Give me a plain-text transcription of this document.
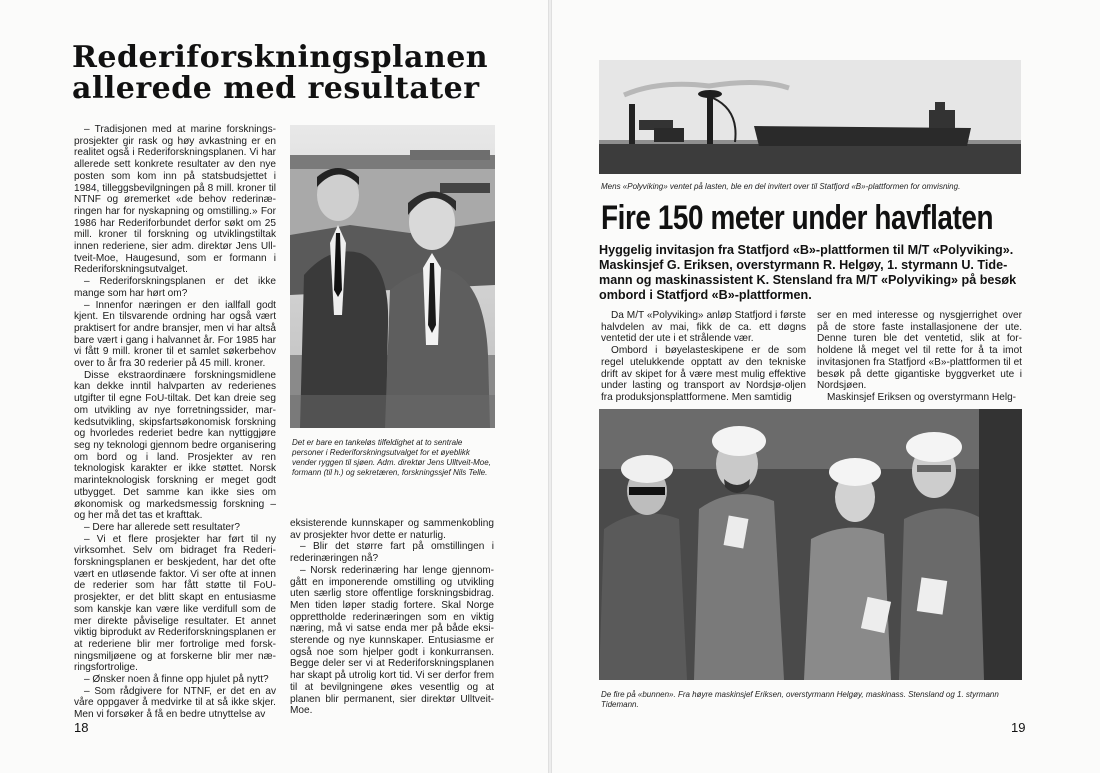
Rederiforskningsplanen allerede med resultater

– Tradisjonen med at marine forskningsprosjekter gir rask og høy avkastning er en realitet også i Rederiforskningsplanen. Vi har allerede sett konkrete resultater av den nye posten som kom inn på statsbudsjettet i 1984, tilleggsbevilgningen på 8 mill. kroner til NTNF og øremerket «de behov rederinæringen har for nyskapning og omstilling.» For 1986 har Rederiforbundet derfor søkt om 25 mill. kroner til forskning og utviklingstiltak innen rederiene, sier adm. direktør Jens Ulltveit-Moe, Haugesund, som er formann i Rederiforskningsutvalget.

– Rederiforskningsplanen er det ikke mange som har hørt om?

– Innenfor næringen er den iallfall godt kjent. En tilsvarende ordning har også vært praktisert for andre bransjer, men vi har altså bare vært i gang i halvannet år. For 1985 har vi fått 9 mill. kroner til et samlet søkerbehov over to år fra 30 rederier på 45 mill. kroner.

Disse ekstraordinære forskningsmidlene kan dekke inntil halvparten av rederienes utgifter til egne FoU-tiltak. Det kan dreie seg om utvikling av nye forretningssider, markedsutvikling, skipsfartsøkonomisk forskning og hvorledes rederiet bedre kan nyttiggjøre seg ny teknologi gjennom bedre organisering om bord og i land. Prosjekter av ren teknologisk karakter er ikke støttet. Norsk marinteknologisk forskning er meget godt utbygget. Det samme kan ikke sies om økonomisk og markedsmessig forskning – og her må det tas et krafttak.

– Dere har allerede sett resultater?

– Vi et flere prosjekter har ført til ny virksomhet. Selv om bidraget fra Rederiforskningsplanen er beskjedent, har det ofte vært en utløsende faktor. Vi ser ofte at innen de rederier som har fått støtte til FoU-prosjekter, er det blitt skapt en entusiasme som kanskje kan være like verdifull som de mer direkte påviselige resultater. Et annet viktig biprodukt av Rederiforskningsplanen er at rederiene blir mer fortrolige med forskningsmiljøene og at forskerne blir mer næringsfortrolige.

– Ønsker noen å finne opp hjulet på nytt?

– Som rådgivere for NTNF, er det en av våre oppgaver å medvirke til at så ikke skjer. Men vi forsøker å få en bedre utnyttelse av

Det er bare en tankeløs tilfeldighet at to sentrale personer i Rederiforskningsutvalget for et øyeblikk vender ryggen til sjøen. Adm. direktør Jens Ulltveit-Moe, formann (til h.) og sekretæren, forskningssjef Nils Telle.

eksisterende kunnskaper og sammenkobling av prosjekter hvor dette er naturlig.

– Blir det større fart på omstillingen i rederinæringen nå?

– Norsk rederinæring har lenge gjennomgått en imponerende omstilling og utvikling uten særlig store offentlige forskningsbidrag. Men tiden løper stadig fortere. Skal Norge opprettholde rederinæringen som en viktig næring, må vi satse enda mer på både eksisterende og nye kunnskaper. Entusiasme er også noe som hjelper godt i konkurransen. Begge deler ser vi at Rederiforskningsplanen har skapt på utrolig kort tid. Vi ser derfor frem til at bevilgningene økes vesentlig og at planen blir permanent, sier direktør Ulltveit-Moe.

18
Mens «Polyviking» ventet på lasten, ble en del invitert over til Statfjord «B»-plattformen for omvisning.
Fire 150 meter under havflaten
Hyggelig invitasjon fra Statfjord «B»-plattformen til M/T «Polyviking». Maskinsjef G. Eriksen, overstyrmann R. Helgøy, 1. styrmann U. Tidemann og maskinassistent K. Stensland fra M/T «Polyviking» på besøk ombord i Statfjord «B»-plattformen.

Da M/T «Polyviking» anløp Statfjord i første halvdelen av mai, fikk de ca. ett døgns ventetid der ute i et strålende vær.

Ombord i bøyelasteskipene er de som regel utelukkende opptatt av den tekniske drift av skipet for å være mest mulig effektive under lasting og transport av Nordsjø-oljen fra produksjonsplattformene. Men samtidig

ser en med interesse og nysgjerrighet over på de store faste installasjonene der ute. Denne turen ble det ventetid, slik at forholdene lå meget vel til rette for å ta imot invitasjonen fra Statfjord «B»-plattformen til et besøk på dette gigantiske byggverket ute i Nordsjøen.

Maskinsjef Eriksen og overstyrmann Helg-

De fire på «bunnen». Fra høyre maskinsjef Eriksen, overstyrmann Helgøy, maskinass. Stensland og 1. styrmann Tidemann.
19
